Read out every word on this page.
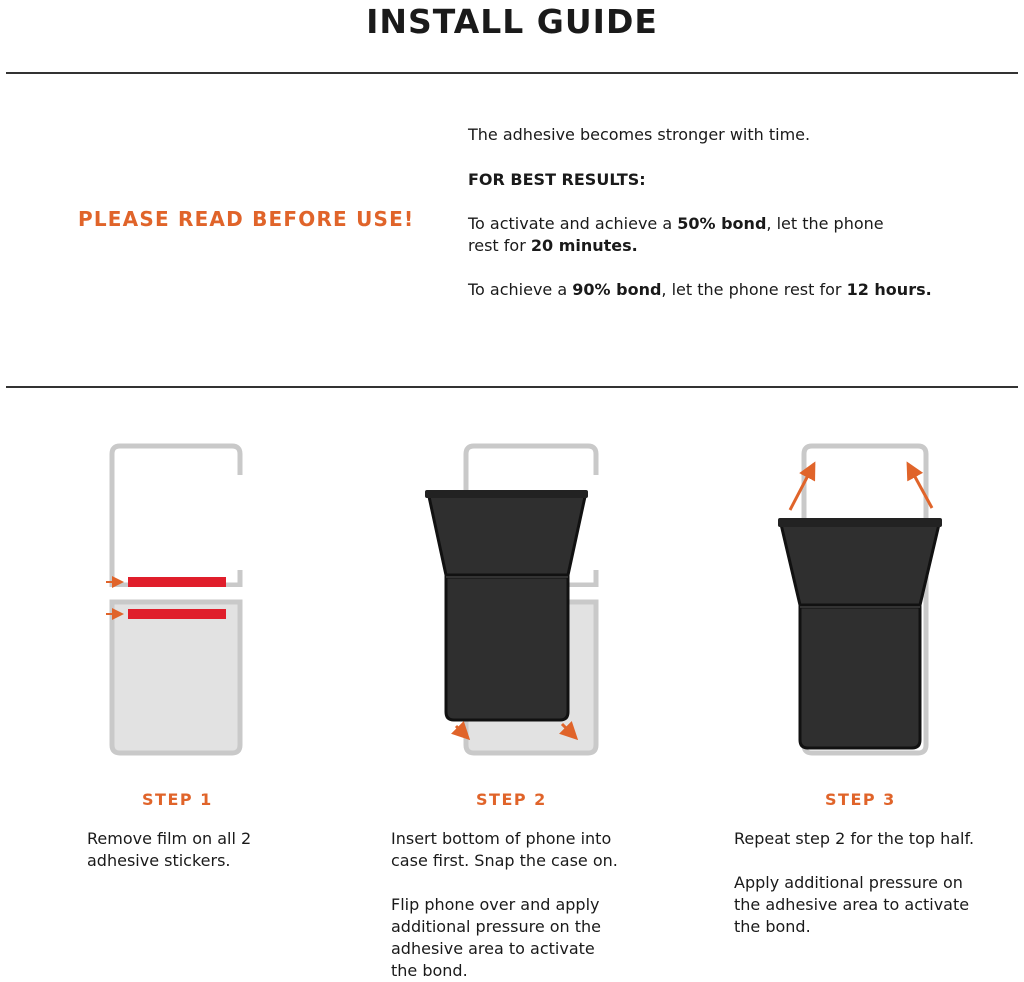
INSTALL GUIDE
PLEASE READ BEFORE USE!

The adhesive becomes stronger with time.

FOR BEST RESULTS:

To activate and achieve a 50% bond, let the phone
rest for 20 minutes.

To achieve a 90% bond, let the phone rest for 12 hours.

STEP 1
Remove film on all 2
adhesive stickers.
STEP 2
Insert bottom of phone into
case first. Snap the case on.
Flip phone over and apply
additional pressure on the
adhesive area to activate
the bond.
STEP 3
Repeat step 2 for the top half.
Apply additional pressure on
the adhesive area to activate
the bond.
